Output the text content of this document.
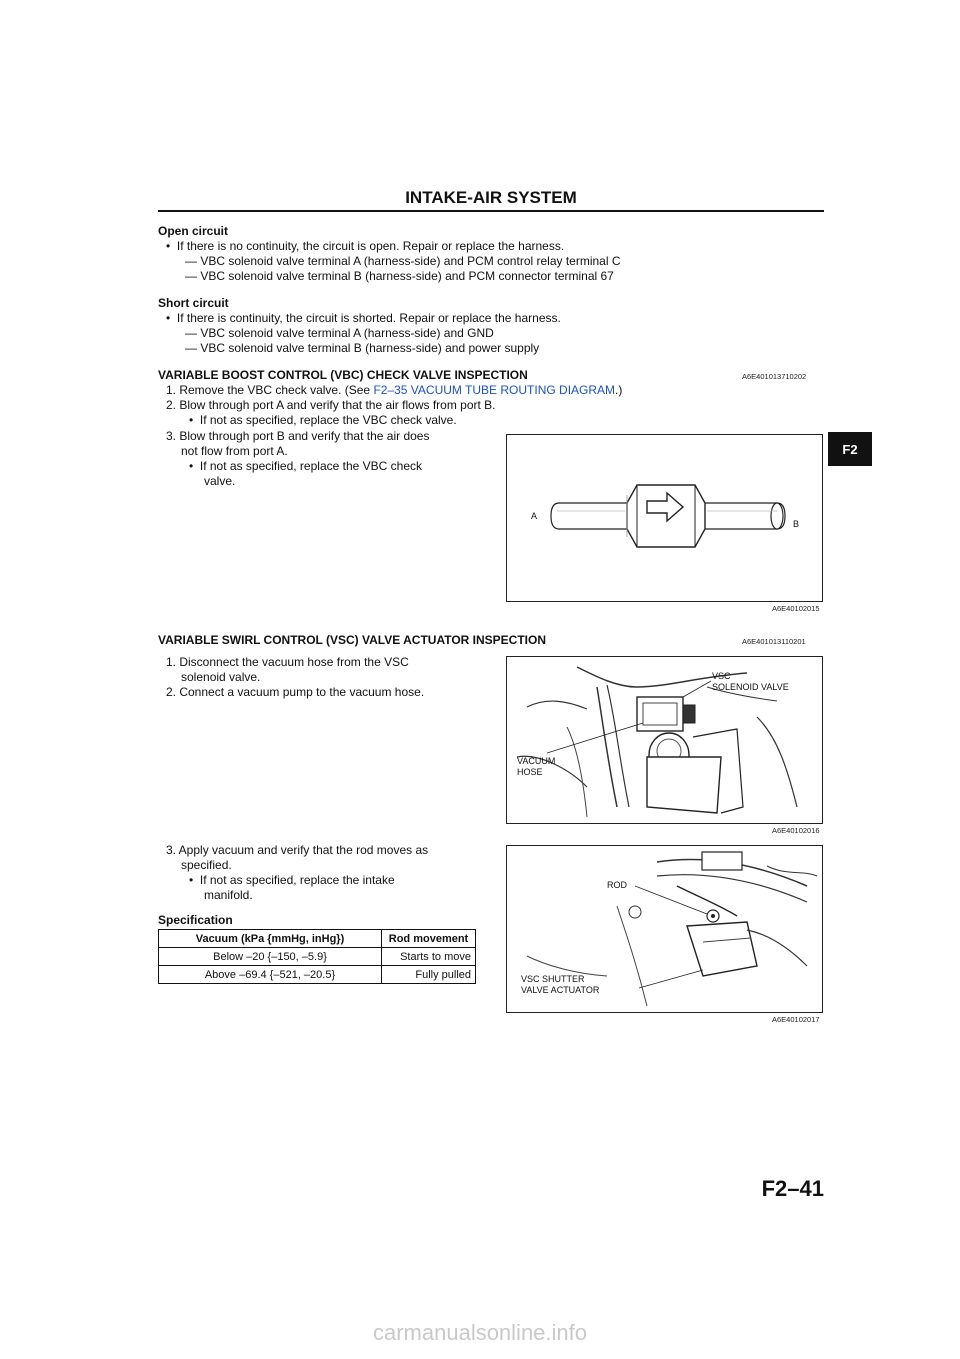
INTAKE-AIR SYSTEM
F2
Open circuit
•  If there is no continuity, the circuit is open. Repair or replace the harness.
— VBC solenoid valve terminal A (harness-side) and PCM control relay terminal C
— VBC solenoid valve terminal B (harness-side) and PCM connector terminal 67
Short circuit
•  If there is continuity, the circuit is shorted. Repair or replace the harness.
— VBC solenoid valve terminal A (harness-side) and GND
— VBC solenoid valve terminal B (harness-side) and power supply
VARIABLE BOOST CONTROL (VBC) CHECK VALVE INSPECTION	A6E401013710202
1. Remove the VBC check valve. (See F2–35 VACUUM TUBE ROUTING DIAGRAM.)
2. Blow through port A and verify that the air flows from port B.
•  If not as specified, replace the VBC check valve.
3. Blow through port B and verify that the air does
not flow from port A.
•  If not as specified, replace the VBC check
valve.
A
B
A6E40102015
VARIABLE SWIRL CONTROL (VSC) VALVE ACTUATOR INSPECTION	A6E401013110201
1. Disconnect the vacuum hose from the VSC
solenoid valve.
2. Connect a vacuum pump to the vacuum hose.
VSC
SOLENOID VALVE
VACUUM
HOSE
A6E40102016
3. Apply vacuum and verify that the rod moves as
specified.
•  If not as specified, replace the intake
manifold.
Specification
Vacuum (kPa {mmHg, inHg})	Rod movement
Below –20 {–150, –5.9}	Starts to move
Above –69.4 {–521, –20.5}	Fully pulled
ROD
VSC SHUTTER
VALVE ACTUATOR
A6E40102017
F2–41
carmanualsonline.info
